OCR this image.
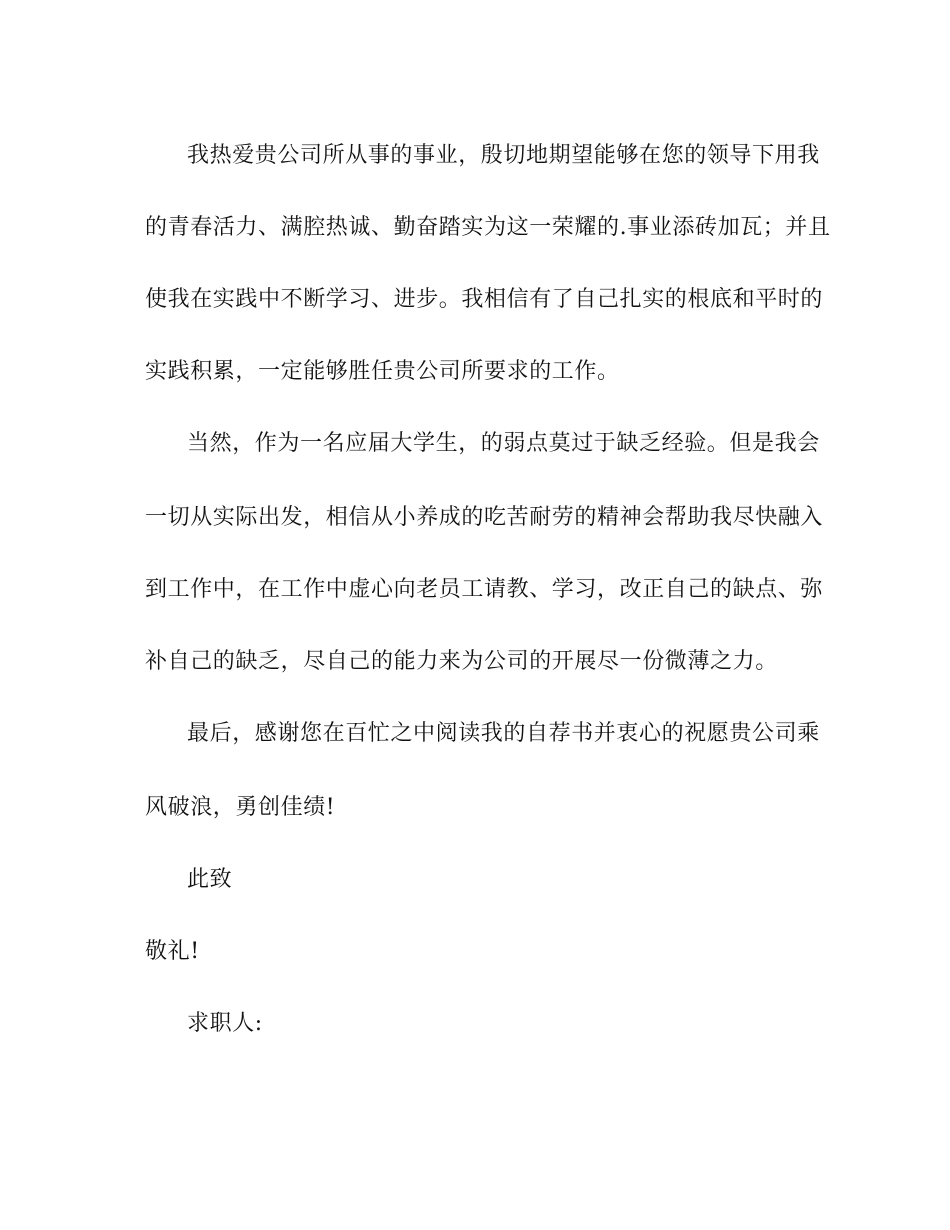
我热爱贵公司所从事的事业，殷切地期望能够在您的领导下用我
的青春活力、满腔热诚、勤奋踏实为这一荣耀的.事业添砖加瓦；并且
使我在实践中不断学习、进步。我相信有了自己扎实的根底和平时的
实践积累，一定能够胜任贵公司所要求的工作。
当然，作为一名应届大学生，的弱点莫过于缺乏经验。但是我会
一切从实际出发，相信从小养成的吃苦耐劳的精神会帮助我尽快融入
到工作中，在工作中虚心向老员工请教、学习，改正自己的缺点、弥
补自己的缺乏，尽自己的能力来为公司的开展尽一份微薄之力。
最后，感谢您在百忙之中阅读我的自荐书并衷心的祝愿贵公司乘
风破浪，勇创佳绩!
此致
敬礼!
求职人:
